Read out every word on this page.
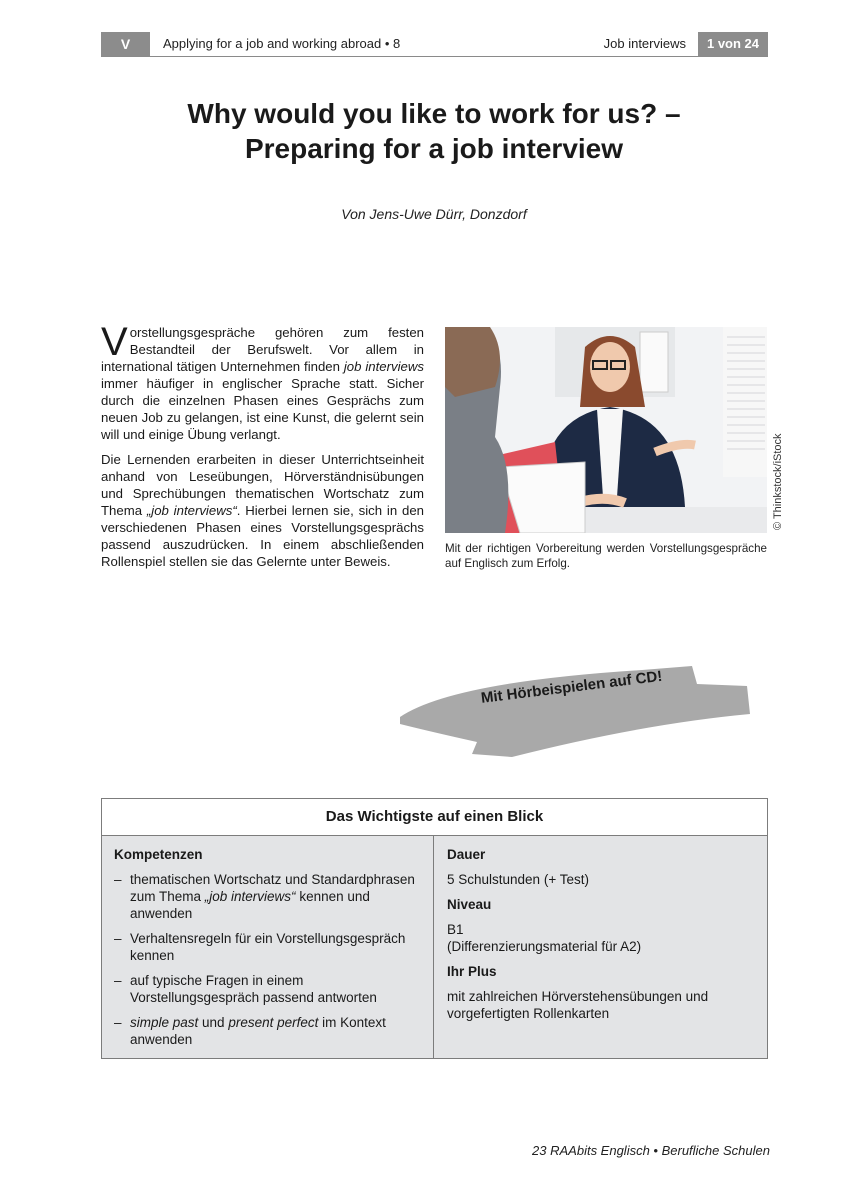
V	Applying for a job and working abroad • 8	Job interviews	1 von 24
Why would you like to work for us? –
Preparing for a job interview
Von Jens-Uwe Dürr, Donzdorf

Vorstellungsgespräche gehören zum festen Bestandteil der Berufswelt. Vor allem in international tätigen Unternehmen finden job interviews immer häufiger in englischer Sprache statt. Sicher durch die einzelnen Phasen eines Gesprächs zum neuen Job zu gelangen, ist eine Kunst, die gelernt sein will und einige Übung verlangt.

Die Lernenden erarbeiten in dieser Unterrichtseinheit anhand von Leseübungen, Hörverständnisübungen und Sprechübungen thematischen Wortschatz zum Thema „job interviews“. Hierbei lernen sie, sich in den verschiedenen Phasen eines Vorstellungsgesprächs passend auszudrücken. In einem abschließenden Rollenspiel stellen sie das Gelernte unter Beweis.

© Thinkstock/iStock
Mit der richtigen Vorbereitung werden Vorstellungsgespräche auf Englisch zum Erfolg.
Mit Hörbeispielen auf CD!
Das Wichtigste auf einen Blick
Kompetenzen
– thematischen Wortschatz und Standardphrasen zum Thema „job interviews“ kennen und anwenden
– Verhaltensregeln für ein Vorstellungsgespräch kennen
– auf typische Fragen in einem Vorstellungsgespräch passend antworten
– simple past und present perfect im Kontext anwenden
Dauer
5 Schulstunden (+ Test)
Niveau
B1
(Differenzierungsmaterial für A2)
Ihr Plus
mit zahlreichen Hörverstehensübungen und vorgefertigten Rollenkarten
23 RAAbits Englisch • Berufliche Schulen
